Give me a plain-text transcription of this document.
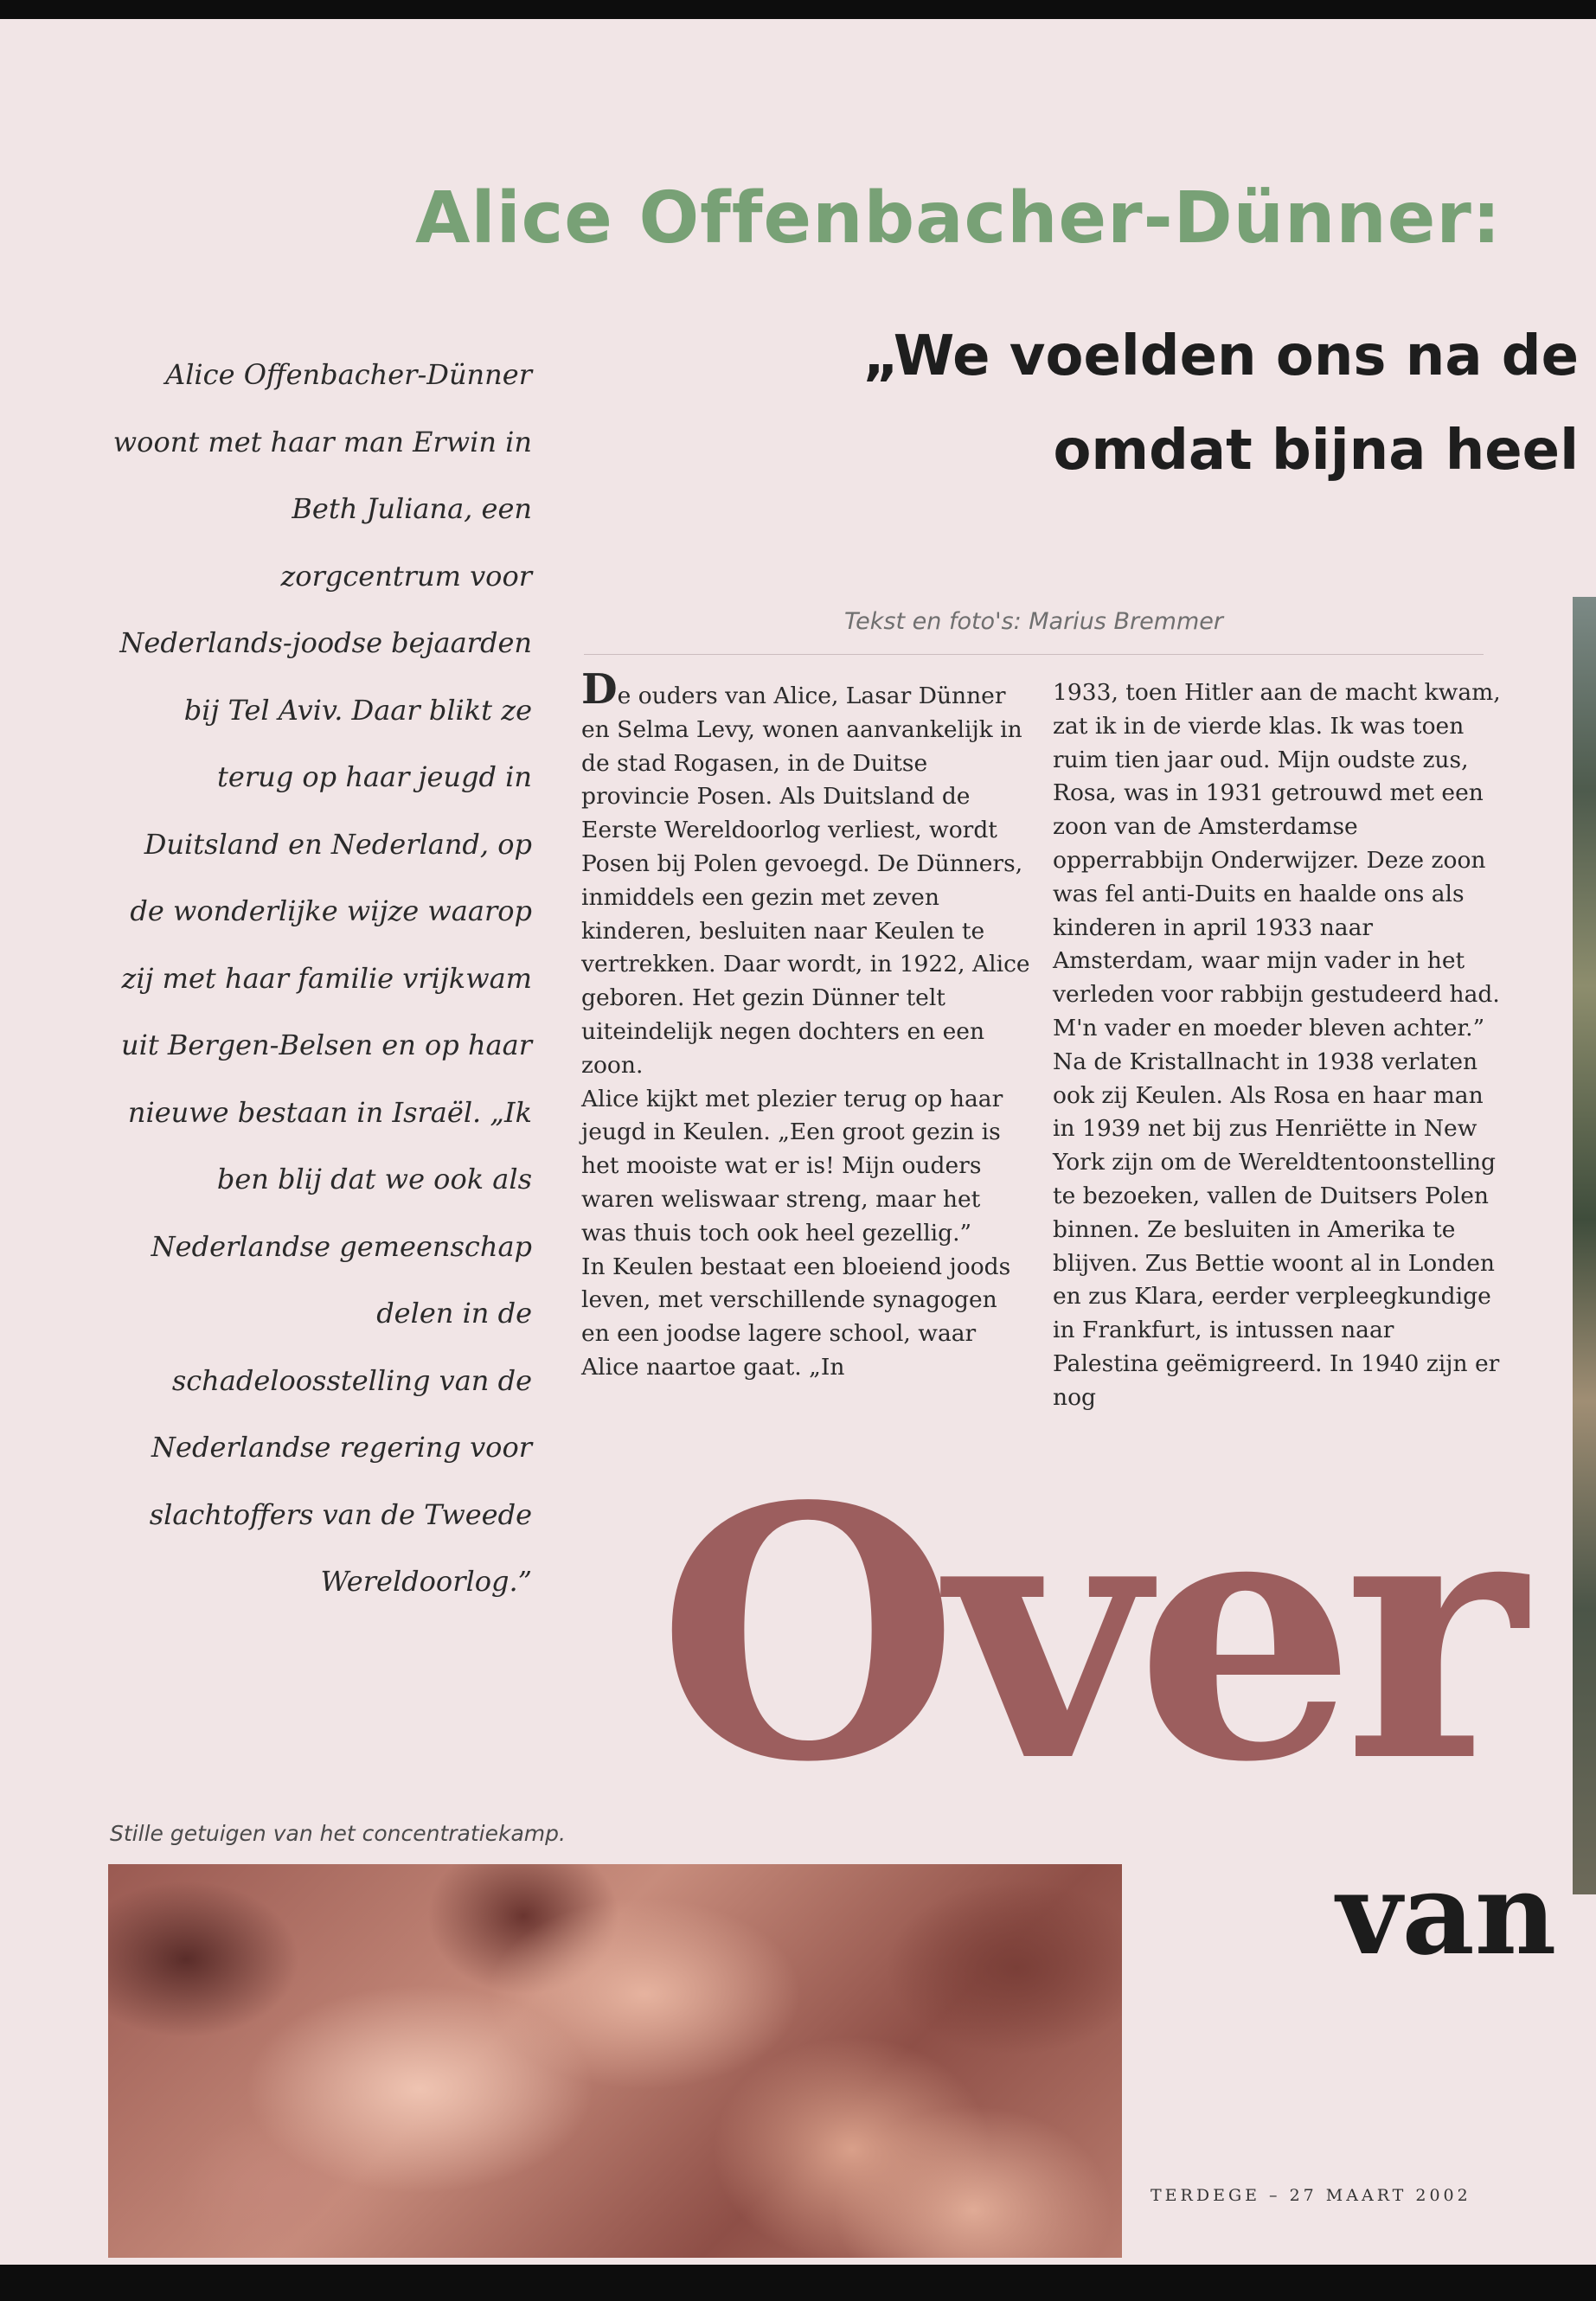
Alice Offenbacher-Dünner:
„We voelden ons na de
omdat bijna heel
Alice Offenbacher-Dünner woont met haar man Erwin in Beth Juliana, een zorgcentrum voor Nederlands-joodse bejaarden bij Tel Aviv. Daar blikt ze terug op haar jeugd in Duitsland en Nederland, op de wonderlijke wijze waarop zij met haar familie vrijkwam uit Bergen-Belsen en op haar nieuwe bestaan in Israël. „Ik ben blij dat we ook als Nederlandse gemeenschap delen in de schadeloosstelling van de Nederlandse regering voor slachtoffers van de Tweede Wereldoorlog.”
Tekst en foto's: Marius Bremmer

De ouders van Alice, Lasar Dünner en Selma Levy, wonen aanvankelijk in de stad Rogasen, in de Duitse provincie Posen. Als Duitsland de Eerste Wereldoorlog verliest, wordt Posen bij Polen gevoegd. De Dünners, inmiddels een gezin met zeven kinderen, besluiten naar Keulen te vertrekken. Daar wordt, in 1922, Alice geboren. Het gezin Dünner telt uiteindelijk negen dochters en een zoon.

Alice kijkt met plezier terug op haar jeugd in Keulen. „Een groot gezin is het mooiste wat er is! Mijn ouders waren weliswaar streng, maar het was thuis toch ook heel gezellig.”

In Keulen bestaat een bloeiend joods leven, met verschillende synagogen en een joodse lagere school, waar Alice naartoe gaat. „In

1933, toen Hitler aan de macht kwam, zat ik in de vierde klas. Ik was toen ruim tien jaar oud. Mijn oudste zus, Rosa, was in 1931 getrouwd met een zoon van de Amsterdamse opperrabbijn Onderwijzer. Deze zoon was fel anti-Duits en haalde ons als kinderen in april 1933 naar Amsterdam, waar mijn vader in het verleden voor rabbijn gestudeerd had. M'n vader en moeder bleven achter.”

Na de Kristallnacht in 1938 verlaten ook zij Keulen. Als Rosa en haar man in 1939 net bij zus Henriëtte in New York zijn om de Wereldtentoonstelling te bezoeken, vallen de Duitsers Polen binnen. Ze besluiten in Amerika te blijven. Zus Bettie woont al in Londen en zus Klara, eerder verpleegkundige in Frankfurt, is intussen naar Palestina geëmigreerd. In 1940 zijn er nog

Over
van
Stille getuigen van het concentratiekamp.
TERDEGE – 27 MAART 2002
